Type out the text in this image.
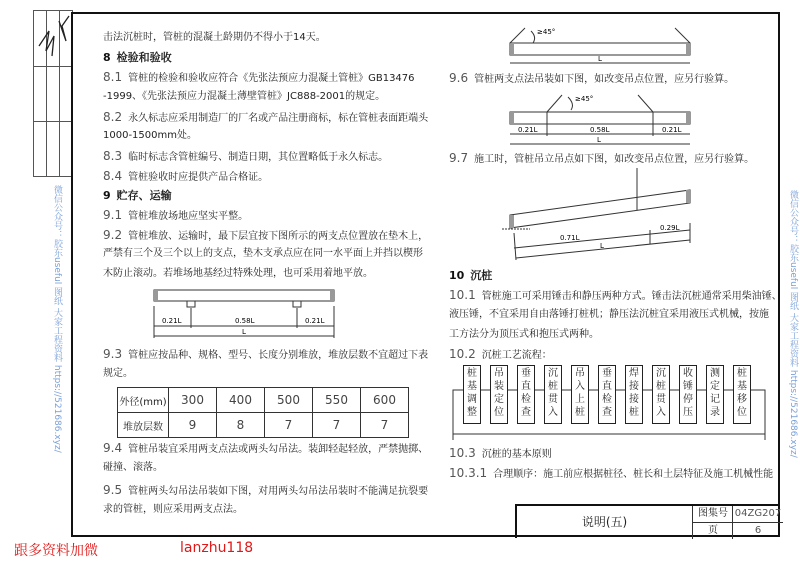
击法沉桩时，管桩的混凝土龄期仍不得小于14天。
8 检验和验收
8.1 管桩的检验和验收应符合《先张法预应力混凝土管桩》GB13476
-1999、《先张法预应力混凝土薄壁管桩》JC888-2001的规定。
8.2 永久标志应采用制造厂的厂名或产品注册商标，标在管桩表面距端头
1000-1500mm处。
8.3 临时标志含管桩编号、制造日期，其位置略低于永久标志。
8.4 管桩验收时应提供产品合格证。
9 贮存、运输
9.1 管桩堆放场地应坚实平整。
9.2 管桩堆放、运输时，最下层宜按下图所示的两支点位置放在垫木上，
严禁有三个及三个以上的支点，垫木支承点应在同一水平面上并挡以楔形
木防止滚动。若堆场地基经过特殊处理，也可采用着地平放。
0.21L	0.58L	0.21L
L
9.3 管桩应按品种、规格、型号、长度分别堆放，堆放层数不宜超过下表
规定。
外径(mm)	300	400	500	550	600
堆放层数	9	8	7	7	7
9.4 管桩吊装宜采用两支点法或两头勾吊法。装卸轻起轻放，严禁抛掷、
碰撞、滚落。
9.5 管桩两头勾吊法吊装如下图，对用两头勾吊法吊装时不能满足抗裂要
求的管桩，则应采用两支点法。
≥45°
L
9.6 管桩两支点法吊装如下图，如改变吊点位置，应另行验算。
≥45°
0.21L	0.58L	0.21L
L
9.7 施工时，管桩吊立吊点如下图，如改变吊点位置，应另行验算。
0.71L
L
0.29L
10 沉桩
10.1 管桩施工可采用锤击和静压两种方式。锤击法沉桩通常采用柴油锤、
液压锤，不宜采用自由落锤打桩机；静压法沉桩宜采用液压式机械，按施
工方法分为顶压式和抱压式两种。
10.2 沉桩工艺流程：
桩基调整
吊装定位
垂直检查
沉桩贯入
吊入上桩
垂直检查
焊接接桩
沉桩贯入
收锤停压
测定记录
桩基移位
10.3 沉桩的基本原则
10.3.1 合理顺序：施工前应根据桩径、桩长和土层特征及施工机械性能
说明(五)
图集号 04ZG207
页	6
微信公众号：胶东useful 图纸 大家工程资料 https://521686.xyz/	微信公众号：胶东useful 图纸 大家工程资料 https://521686.xyz/
跟多资料加微	lanzhu118
